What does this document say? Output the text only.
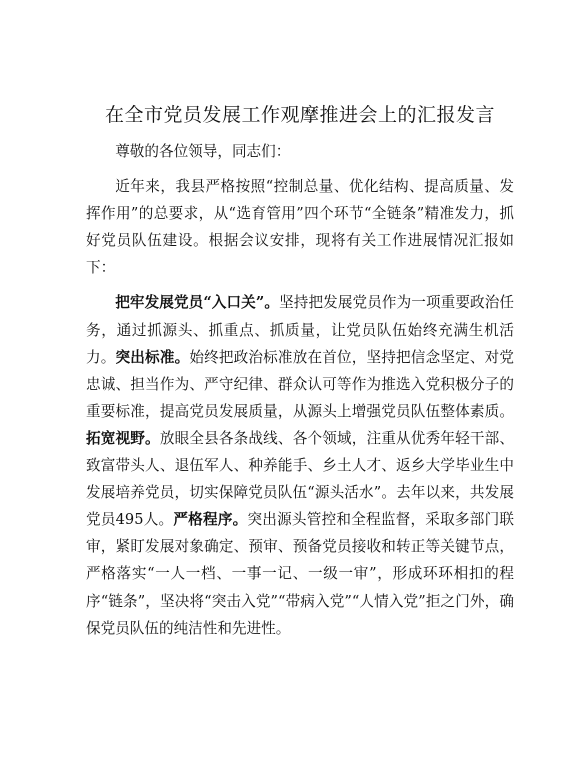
在全市党员发展工作观摩推进会上的汇报发言

尊敬的各位领导，同志们：

近年来，我县严格按照“控制总量、优化结构、提高质量、发挥作用”的总要求，从“选育管用”四个环节“全链条”精准发力，抓好党员队伍建设。根据会议安排，现将有关工作进展情况汇报如下：

把牢发展党员“入口关”。坚持把发展党员作为一项重要政治任务，通过抓源头、抓重点、抓质量，让党员队伍始终充满生机活力。突出标准。始终把政治标准放在首位，坚持把信念坚定、对党忠诚、担当作为、严守纪律、群众认可等作为推选入党积极分子的重要标准，提高党员发展质量，从源头上增强党员队伍整体素质。拓宽视野。放眼全县各条战线、各个领域，注重从优秀年轻干部、致富带头人、退伍军人、种养能手、乡土人才、返乡大学毕业生中发展培养党员，切实保障党员队伍“源头活水”。去年以来，共发展党员495人。严格程序。突出源头管控和全程监督，采取多部门联审，紧盯发展对象确定、预审、预备党员接收和转正等关键节点，严格落实“一人一档、一事一记、一级一审”，形成环环相扣的程序“链条”，坚决将“突击入党”“带病入党”“人情入党”拒之门外，确保党员队伍的纯洁性和先进性。
